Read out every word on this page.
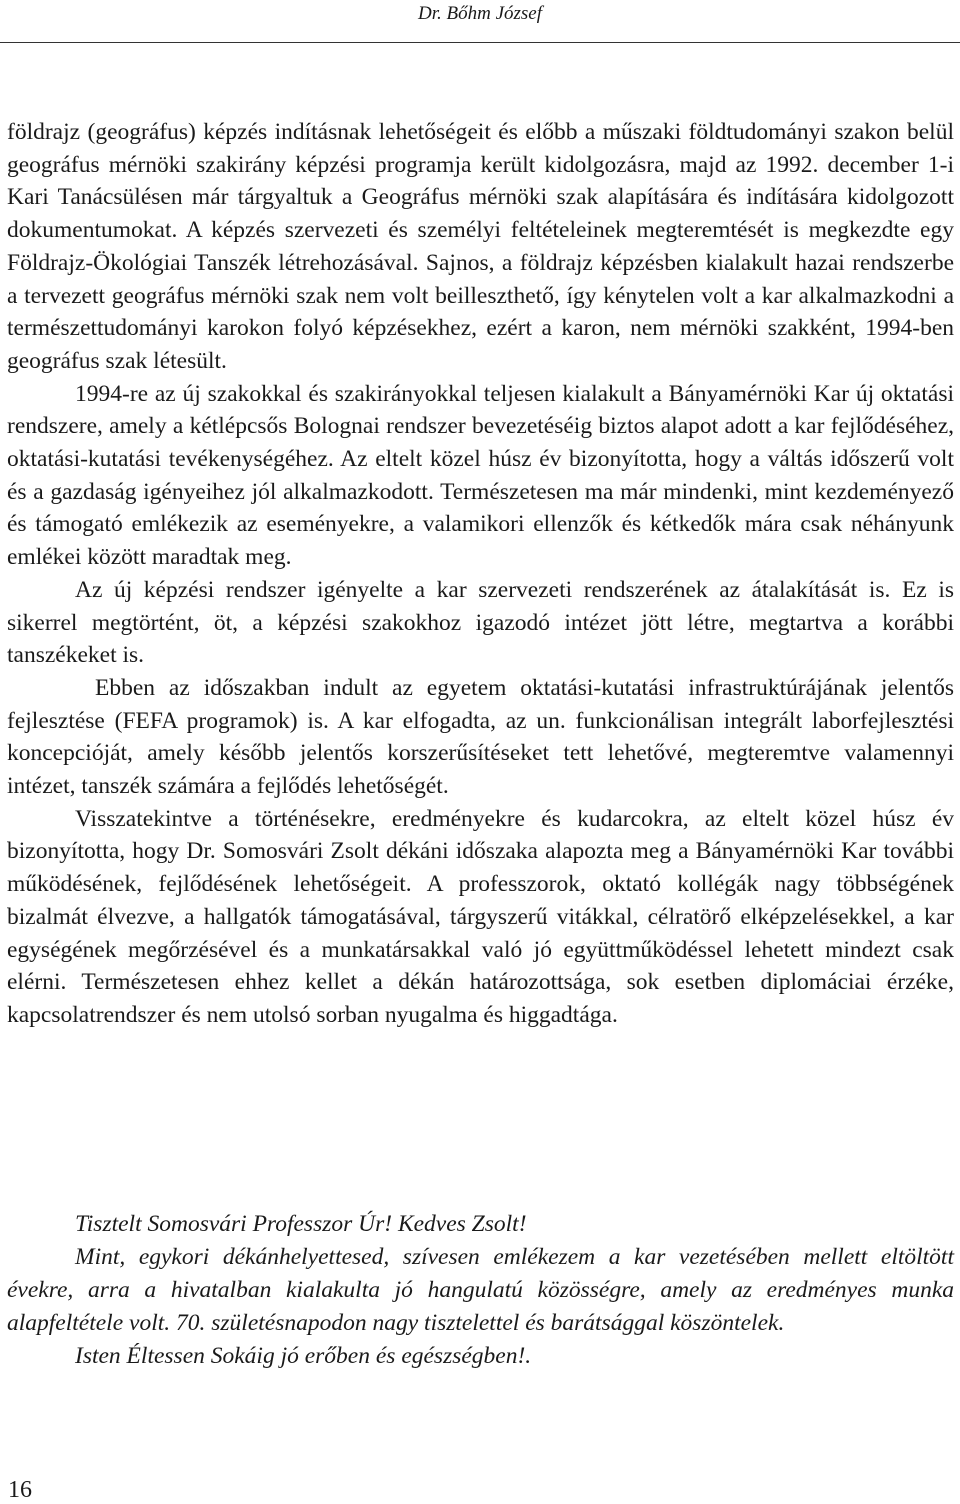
Dr. Bőhm József

földrajz (geográfus) képzés indításnak lehetőségeit és előbb a műszaki földtudományi szakon belül geográfus mérnöki szakirány képzési programja került kidolgozásra, majd az 1992. december 1-i Kari Tanácsülésen már tárgyaltuk a Geográfus mérnöki szak alapítására és indítására kidolgozott dokumentumokat. A képzés szervezeti és személyi feltételeinek megteremtését is megkezdte egy Földrajz-Ökológiai Tanszék létrehozásával. Sajnos, a földrajz képzésben kialakult hazai rendszerbe a tervezett geográfus mérnöki szak nem volt beilleszthető, így kénytelen volt a kar alkalmazkodni a természettudományi karokon folyó képzésekhez, ezért a karon, nem mérnöki szakként, 1994-ben geográfus szak létesült.

1994-re az új szakokkal és szakirányokkal teljesen kialakult a Bányamérnöki Kar új oktatási rendszere, amely a kétlépcsős Bolognai rendszer bevezetéséig biztos alapot adott a kar fejlődéséhez, oktatási-kutatási tevékenységéhez. Az eltelt közel húsz év bizonyította, hogy a váltás időszerű volt és a gazdaság igényeihez jól alkalmazkodott. Természetesen ma már mindenki, mint kezdeményező és támogató emlékezik az eseményekre, a valamikori ellenzők és kétkedők mára csak néhányunk emlékei között maradtak meg.

Az új képzési rendszer igényelte a kar szervezeti rendszerének az átalakítását is. Ez is sikerrel megtörtént, öt, a képzési szakokhoz igazodó intézet jött létre, megtartva a korábbi tanszékeket is.

Ebben az időszakban indult az egyetem oktatási-kutatási infrastruktúrájának jelentős fejlesztése (FEFA programok) is. A kar elfogadta, az un. funkcionálisan integrált laborfejlesztési koncepcióját, amely később jelentős korszerűsítéseket tett lehetővé, megteremtve valamennyi intézet, tanszék számára a fejlődés lehetőségét.

Visszatekintve a történésekre, eredményekre és kudarcokra, az eltelt közel húsz év bizonyította, hogy Dr. Somosvári Zsolt dékáni időszaka alapozta meg a Bányamérnöki Kar további működésének, fejlődésének lehetőségeit. A professzorok, oktató kollégák nagy többségének bizalmát élvezve, a hallgatók támogatásával, tárgyszerű vitákkal, célratörő elképzelésekkel, a kar egységének megőrzésével és a munkatársakkal való jó együttműködéssel lehetett mindezt csak elérni. Természetesen ehhez kellet a dékán határozottsága, sok esetben diplomáciai érzéke, kapcsolatrendszer és nem utolsó sorban nyugalma és higgadtága.

Tisztelt Somosvári Professzor Úr! Kedves Zsolt!

Mint, egykori dékánhelyettesed, szívesen emlékezem a kar vezetésében mellett eltöltött évekre, arra a hivatalban kialakulta jó hangulatú közösségre, amely az eredményes munka alapfeltétele volt. 70. születésnapodon nagy tisztelettel és barátsággal köszöntelek.

Isten Éltessen Sokáig jó erőben és egészségben!.

16
